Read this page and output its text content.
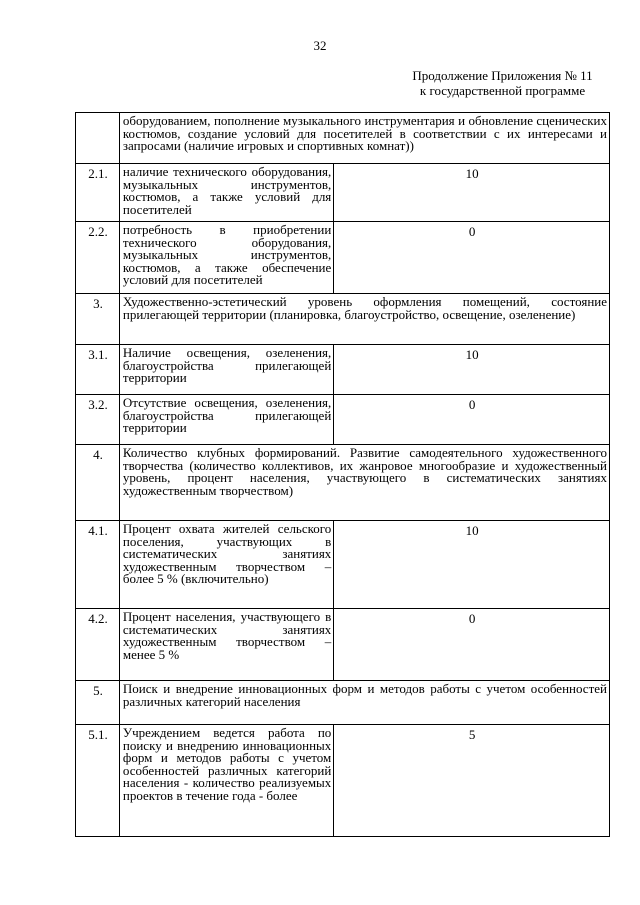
32
Продолжение Приложения № 11
к государственной программе
	оборудованием, пополнение музыкального инструментария и обновление сценических костюмов, создание условий для посетителей в соответствии с их интересами и запросами (наличие игровых и спортивных комнат))	
2.1.	наличие технического оборудования, музыкальных инструментов, костюмов, а также условий для посетителей	10
2.2.	потребность в приобретении технического оборудования, музыкальных инструментов, костюмов, а также обеспечение условий для посетителей	0
3.	Художественно-эстетический уровень оформления помещений, состояние прилегающей территории (планировка, благоустройство, освещение, озеленение)	
3.1.	Наличие освещения, озеленения, благоустройства прилегающей территории	10
3.2.	Отсутствие освещения, озеленения, благоустройства прилегающей территории	0
4.	Количество клубных формирований. Развитие самодеятельного художественного творчества (количество коллективов, их жанровое многообразие и художественный уровень, процент населения, участвующего в систематических занятиях художественным творчеством)	
4.1.	Процент охвата жителей сельского поселения, участвующих в систематических занятиях художественным творчеством – более 5 % (включительно)	10
4.2.	Процент населения, участвующего в систематических занятиях художественным творчеством – менее 5 %	0
5.	Поиск и внедрение инновационных форм и методов работы с учетом особенностей различных категорий населения	
5.1.	Учреждением ведется работа по поиску и внедрению инновационных форм и методов работы с учетом особенностей различных категорий населения - количество реализуемых проектов в течение года - более	5
